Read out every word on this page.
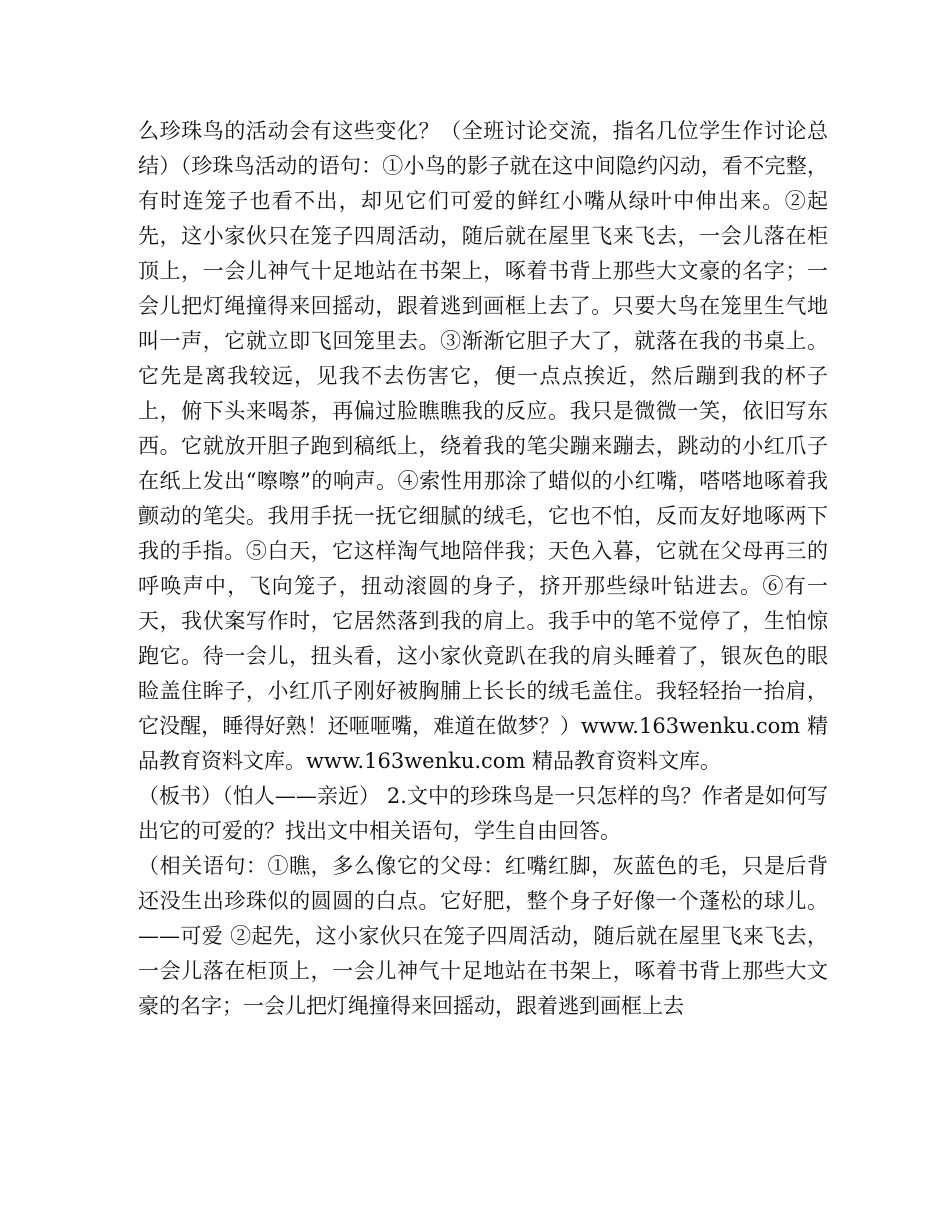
么珍珠鸟的活动会有这些变化？（全班讨论交流，指名几位学生作讨论总结）（珍珠鸟活动的语句：①小鸟的影子就在这中间隐约闪动，看不完整，有时连笼子也看不出，却见它们可爱的鲜红小嘴从绿叶中伸出来。②起先，这小家伙只在笼子四周活动，随后就在屋里飞来飞去，一会儿落在柜顶上，一会儿神气十足地站在书架上，啄着书背上那些大文豪的名字；一会儿把灯绳撞得来回摇动，跟着逃到画框上去了。只要大鸟在笼里生气地叫一声，它就立即飞回笼里去。③渐渐它胆子大了，就落在我的书桌上。它先是离我较远，见我不去伤害它，便一点点挨近，然后蹦到我的杯子上，俯下头来喝茶，再偏过脸瞧瞧我的反应。我只是微微一笑，依旧写东西。它就放开胆子跑到稿纸上，绕着我的笔尖蹦来蹦去，跳动的小红爪子在纸上发出“嚓嚓”的响声。④索性用那涂了蜡似的小红嘴，嗒嗒地啄着我颤动的笔尖。我用手抚一抚它细腻的绒毛，它也不怕，反而友好地啄两下我的手指。⑤白天，它这样淘气地陪伴我；天色入暮，它就在父母再三的呼唤声中，飞向笼子，扭动滚圆的身子，挤开那些绿叶钻进去。⑥有一天，我伏案写作时，它居然落到我的肩上。我手中的笔不觉停了，生怕惊跑它。待一会儿，扭头看，这小家伙竟趴在我的肩头睡着了，银灰色的眼睑盖住眸子，小红爪子刚好被胸脯上长长的绒毛盖住。我轻轻抬一抬肩，它没醒，睡得好熟！还咂咂嘴，难道在做梦？）www.163wenku.com 精品教育资料文库。www.163wenku.com 精品教育资料文库。

（板书）（怕人——亲近） 2.文中的珍珠鸟是一只怎样的鸟？作者是如何写出它的可爱的？找出文中相关语句，学生自由回答。

（相关语句：①瞧，多么像它的父母：红嘴红脚，灰蓝色的毛，只是后背还没生出珍珠似的圆圆的白点。它好肥，整个身子好像一个蓬松的球儿。——可爱 ②起先，这小家伙只在笼子四周活动，随后就在屋里飞来飞去，一会儿落在柜顶上，一会儿神气十足地站在书架上，啄着书背上那些大文豪的名字；一会儿把灯绳撞得来回摇动，跟着逃到画框上去
